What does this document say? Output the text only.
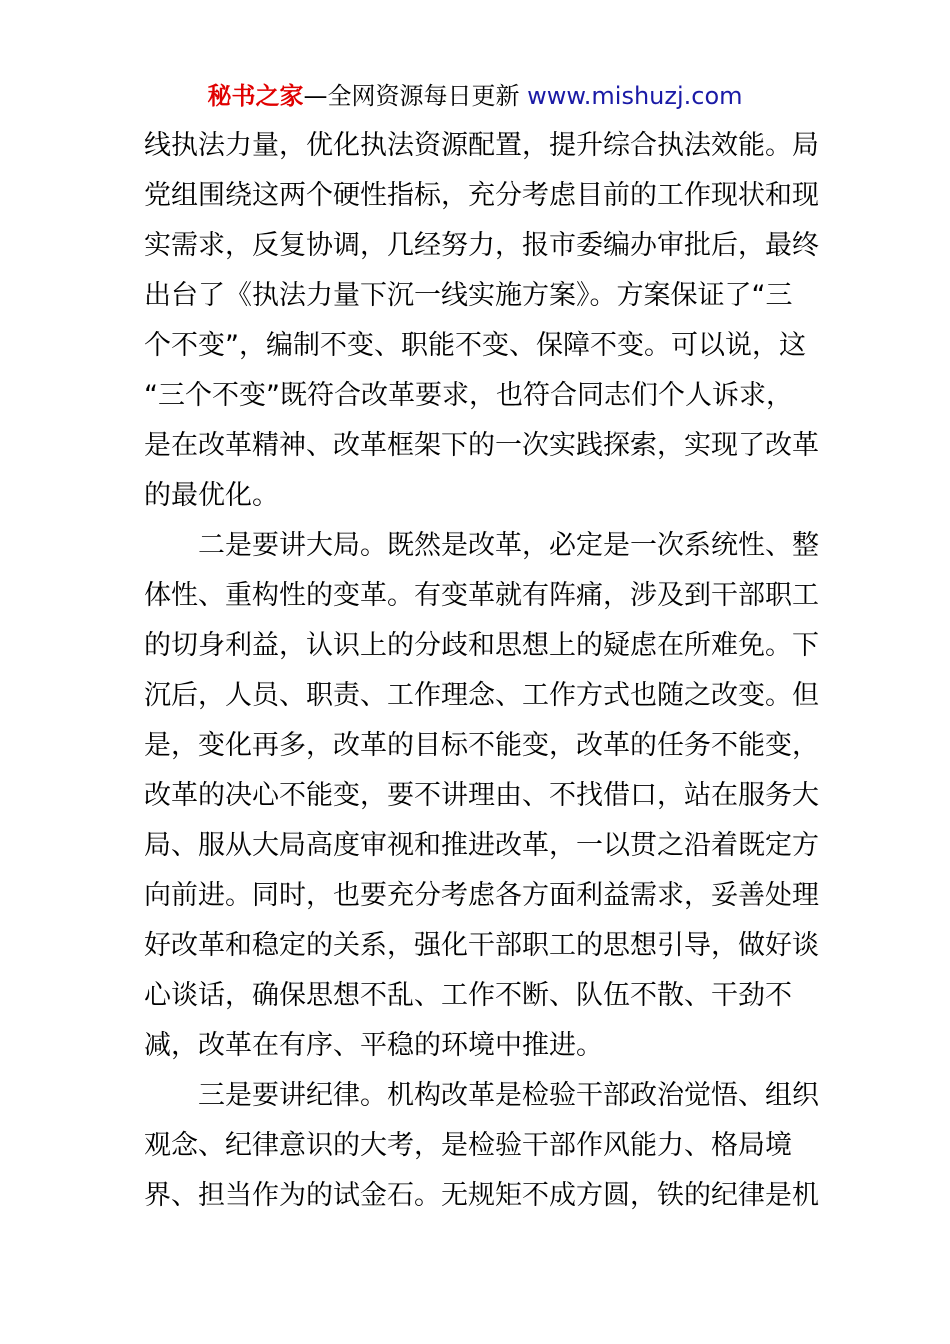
秘书之家—全网资源每日更新 www.mishuzj.com
线执法力量，优化执法资源配置，提升综合执法效能。局
党组围绕这两个硬性指标，充分考虑目前的工作现状和现
实需求，反复协调，几经努力，报市委编办审批后，最终
出台了《执法力量下沉一线实施方案》。方案保证了“三
个不变”，编制不变、职能不变、保障不变。可以说，这
“三个不变”既符合改革要求，也符合同志们个人诉求，
是在改革精神、改革框架下的一次实践探索，实现了改革
的最优化。
　　二是要讲大局。既然是改革，必定是一次系统性、整
体性、重构性的变革。有变革就有阵痛，涉及到干部职工
的切身利益，认识上的分歧和思想上的疑虑在所难免。下
沉后，人员、职责、工作理念、工作方式也随之改变。但
是，变化再多，改革的目标不能变，改革的任务不能变，
改革的决心不能变，要不讲理由、不找借口，站在服务大
局、服从大局高度审视和推进改革，一以贯之沿着既定方
向前进。同时，也要充分考虑各方面利益需求，妥善处理
好改革和稳定的关系，强化干部职工的思想引导，做好谈
心谈话，确保思想不乱、工作不断、队伍不散、干劲不
减，改革在有序、平稳的环境中推进。
　　三是要讲纪律。机构改革是检验干部政治觉悟、组织
观念、纪律意识的大考，是检验干部作风能力、格局境
界、担当作为的试金石。无规矩不成方圆，铁的纪律是机
